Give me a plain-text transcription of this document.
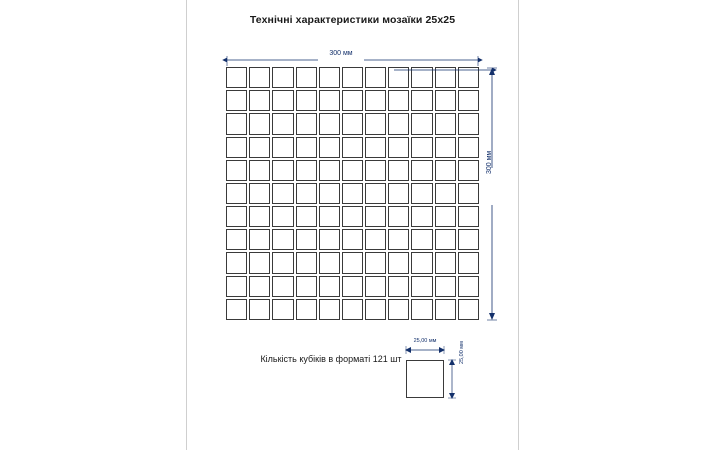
Технічні характеристики мозаїки 25x25
300 мм
300 мм
Кількість кубіків в форматі 121 шт
25,00 мм
25,00 мм
